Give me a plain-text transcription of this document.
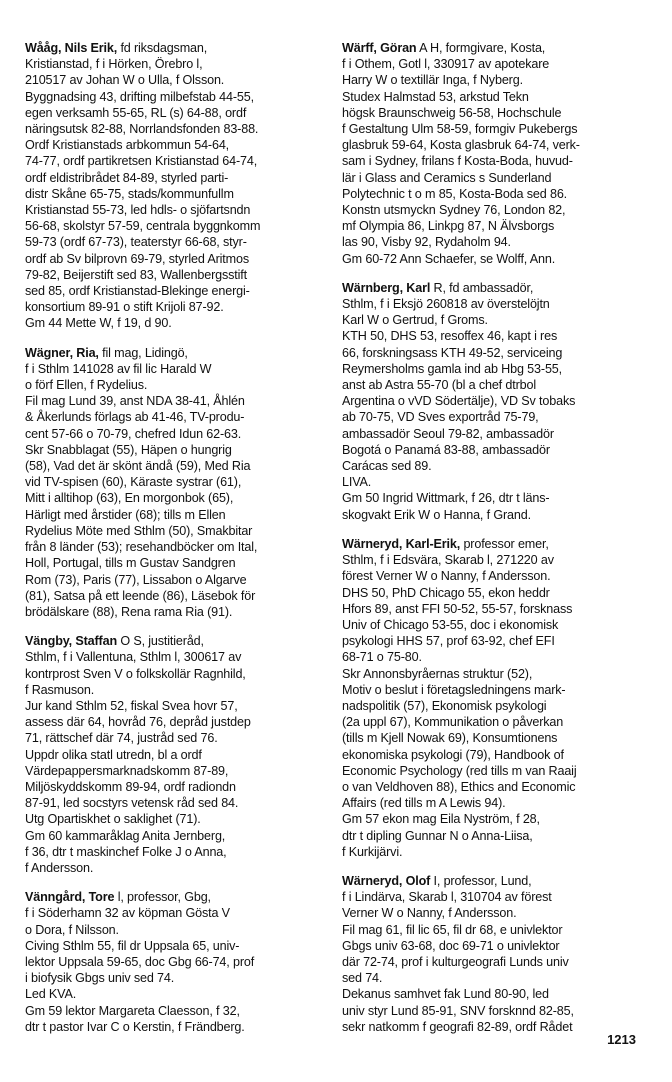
Wååg, Nils Erik, fd riksdagsman,
Kristianstad, f i Hörken, Örebro l,
210517 av Johan W o Ulla, f Olsson.
Byggnadsing 43, drifting milbefstab 44-55,
egen verksamh 55-65, RL (s) 64-88, ordf
näringsutsk 82-88, Norrlandsfonden 83-88.
Ordf Kristianstads arbkommun 54-64,
74-77, ordf partikretsen Kristianstad 64-74,
ordf eldistribrådet 84-89, styrled parti-
distr Skåne 65-75, stads/kommunfullm
Kristianstad 55-73, led hdls- o sjöfartsndn
56-68, skolstyr 57-59, centrala byggnkomm
59-73 (ordf 67-73), teaterstyr 66-68, styr-
ordf ab Sv bilprovn 69-79, styrled Aritmos
79-82, Beijerstift sed 83, Wallenbergsstift
sed 85, ordf Kristianstad-Blekinge energi-
konsortium 89-91 o stift Krijoli 87-92.
Gm 44 Mette W, f 19, d 90.
Wägner, Ria, fil mag, Lidingö,
f i Sthlm 141028 av fil lic Harald W
o förf Ellen, f Rydelius.
Fil mag Lund 39, anst NDA 38-41, Åhlén
& Åkerlunds förlags ab 41-46, TV-produ-
cent 57-66 o 70-79, chefred Idun 62-63.
Skr Snabblagat (55), Häpen o hungrig
(58), Vad det är skönt ändå (59), Med Ria
vid TV-spisen (60), Käraste systrar (61),
Mitt i alltihop (63), En morgonbok (65),
Härligt med årstider (68); tills m Ellen
Rydelius Möte med Sthlm (50), Smakbitar
från 8 länder (53); resehandböcker om Ital,
Holl, Portugal, tills m Gustav Sandgren
Rom (73), Paris (77), Lissabon o Algarve
(81), Satsa på ett leende (86), Läsebok för
brödälskare (88), Rena rama Ria (91).
Vängby, Staffan O S, justitieråd,
Sthlm, f i Vallentuna, Sthlm l, 300617 av
kontrprost Sven V o folkskollär Ragnhild,
f Rasmuson.
Jur kand Sthlm 52, fiskal Svea hovr 57,
assess där 64, hovråd 76, depråd justdep
71, rättschef där 74, justråd sed 76.
Uppdr olika statl utredn, bl a ordf
Värdepappersmarknadskomm 87-89,
Miljöskyddskomm 89-94, ordf radiondn
87-91, led socstyrs vetensk råd sed 84.
Utg Opartiskhet o saklighet (71).
Gm 60 kammaråklag Anita Jernberg,
f 36, dtr t maskinchef Folke J o Anna,
f Andersson.
Vänngård, Tore l, professor, Gbg,
f i Söderhamn 32 av köpman Gösta V
o Dora, f Nilsson.
Civing Sthlm 55, fil dr Uppsala 65, univ-
lektor Uppsala 59-65, doc Gbg 66-74, prof
i biofysik Gbgs univ sed 74.
Led KVA.
Gm 59 lektor Margareta Claesson, f 32,
dtr t pastor Ivar C o Kerstin, f Frändberg.
Wärff, Göran A H, formgivare, Kosta,
f i Othem, Gotl l, 330917 av apotekare
Harry W o textillär Inga, f Nyberg.
Studex Halmstad 53, arkstud Tekn
högsk Braunschweig 56-58, Hochschule
f Gestaltung Ulm 58-59, formgiv Pukebergs
glasbruk 59-64, Kosta glasbruk 64-74, verk-
sam i Sydney, frilans f Kosta-Boda, huvud-
lär i Glass and Ceramics s Sunderland
Polytechnic t o m 85, Kosta-Boda sed 86.
Konstn utsmyckn Sydney 76, London 82,
mf Olympia 86, Linkpg 87, N Älvsborgs
las 90, Visby 92, Rydaholm 94.
Gm 60-72 Ann Schaefer, se Wolff, Ann.
Wärnberg, Karl R, fd ambassadör,
Sthlm, f i Eksjö 260818 av överstelöjtn
Karl W o Gertrud, f Groms.
KTH 50, DHS 53, resoffex 46, kapt i res
66, forskningsass KTH 49-52, serviceing
Reymersholms gamla ind ab Hbg 53-55,
anst ab Astra 55-70 (bl a chef dtrbol
Argentina o vVD Södertälje), VD Sv tobaks
ab 70-75, VD Sves exportråd 75-79,
ambassadör Seoul 79-82, ambassadör
Bogotá o Panamá 83-88, ambassadör
Carácas sed 89.
LIVA.
Gm 50 Ingrid Wittmark, f 26, dtr t läns-
skogvakt Erik W o Hanna, f Grand.
Wärneryd, Karl-Erik, professor emer,
Sthlm, f i Edsvära, Skarab l, 271220 av
förest Verner W o Nanny, f Andersson.
DHS 50, PhD Chicago 55, ekon heddr
Hfors 89, anst FFI 50-52, 55-57, forsknass
Univ of Chicago 53-55, doc i ekonomisk
psykologi HHS 57, prof 63-92, chef EFI
68-71 o 75-80.
Skr Annonsbyråernas struktur (52),
Motiv o beslut i företagsledningens mark-
nadspolitik (57), Ekonomisk psykologi
(2a uppl 67), Kommunikation o påverkan
(tills m Kjell Nowak 69), Konsumtionens
ekonomiska psykologi (79), Handbook of
Economic Psychology (red tills m van Raaij
o van Veldhoven 88), Ethics and Economic
Affairs (red tills m A Lewis 94).
Gm 57 ekon mag Eila Nyström, f 28,
dtr t dipling Gunnar N o Anna-Liisa,
f Kurkijärvi.
Wärneryd, Olof I, professor, Lund,
f i Lindärva, Skarab l, 310704 av förest
Verner W o Nanny, f Andersson.
Fil mag 61, fil lic 65, fil dr 68, e univlektor
Gbgs univ 63-68, doc 69-71 o univlektor
där 72-74, prof i kulturgeografi Lunds univ
sed 74.
Dekanus samhvet fak Lund 80-90, led
univ styr Lund 85-91, SNV forsknnd 82-85,
sekr natkomm f geografi 82-89, ordf Rådet
1213
